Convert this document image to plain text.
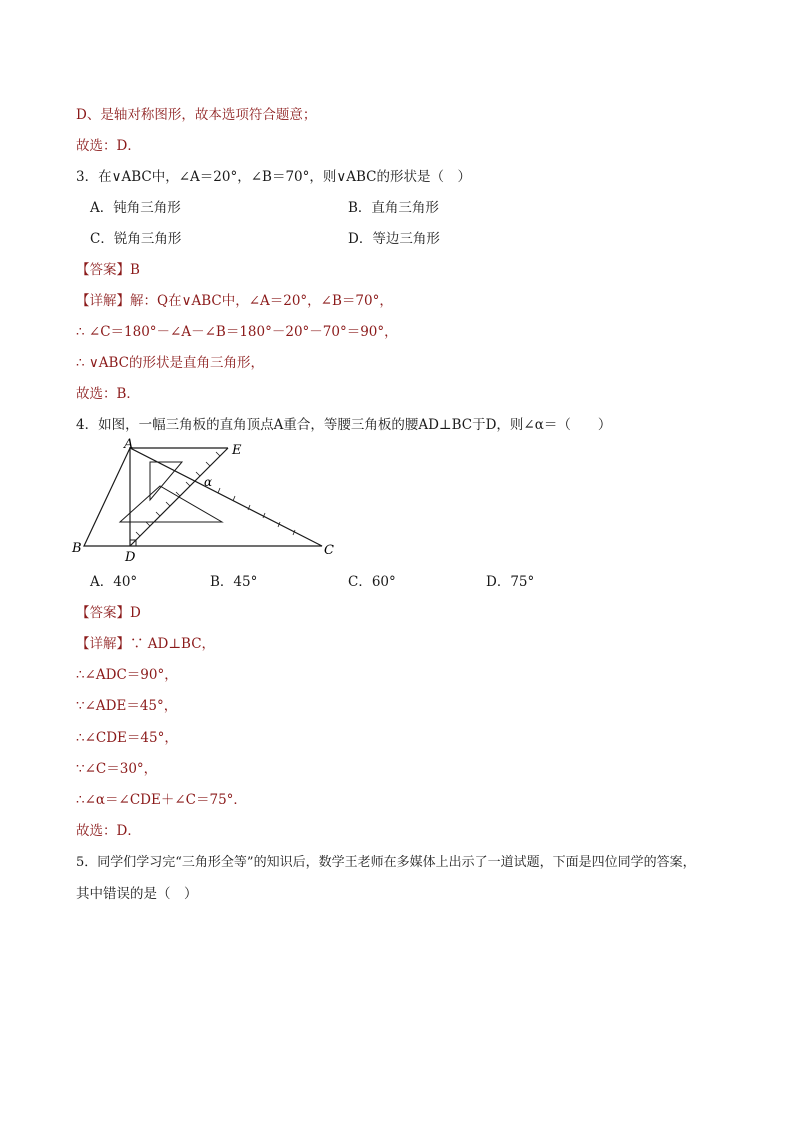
D、是轴对称图形，故本选项符合题意；
故选：D．
3．在∨ABC中，∠A＝20°，∠B＝70°，则∨ABC的形状是（　）
A．钝角三角形	B．直角三角形
C．锐角三角形	D．等边三角形
【答案】B
【详解】解：Q在∨ABC中，∠A＝20°，∠B＝70°，
∴ ∠C＝180°－∠A－∠B＝180°－20°－70°＝90°，
∴ ∨ABC的形状是直角三角形，
故选：B．
4．如图，一幅三角板的直角顶点A重合，等腰三角板的腰AD⊥BC于D，则∠α＝（　　）
A	E
B
D	C
α
A．40°	B．45°	C．60°	D．75°
【答案】D
【详解】∵ AD⊥BC，
∴∠ADC＝90°，
∵∠ADE＝45°，
∴∠CDE＝45°，
∵∠C＝30°，
∴∠α＝∠CDE＋∠C＝75°．
故选：D．
5．同学们学习完“三角形全等”的知识后，数学王老师在多媒体上出示了一道试题，下面是四位同学的答案，
其中错误的是（　）
